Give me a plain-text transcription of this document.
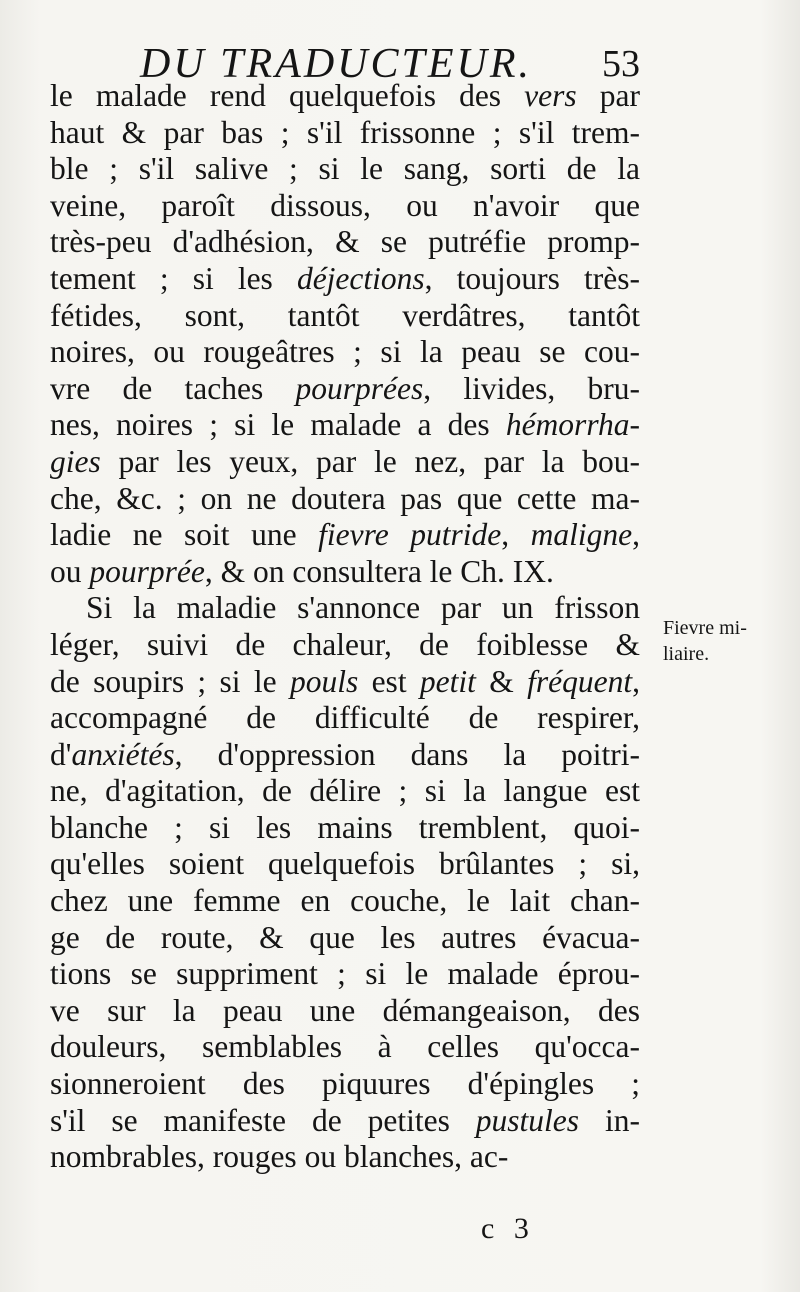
DU TRADUCTEUR. 53
le malade rend quelquefois des vers par
haut & par bas ; s'il frissonne ; s'il trem-
ble ; s'il salive ; si le sang, sorti de la
veine, paroît dissous, ou n'avoir que
très-peu d'adhésion, & se putréfie promp-
tement ; si les déjections, toujours très-
fétides, sont, tantôt verdâtres, tantôt
noires, ou rougeâtres ; si la peau se cou-
vre de taches pourprées, livides, bru-
nes, noires ; si le malade a des hémorrha-
gies par les yeux, par le nez, par la bou-
che, &c. ; on ne doutera pas que cette ma-
ladie ne soit une fievre putride, maligne,
ou pourprée, & on consultera le Ch. IX.
Si la maladie s'annonce par un frisson
léger, suivi de chaleur, de foiblesse &
de soupirs ; si le pouls est petit & fréquent,
accompagné de difficulté de respirer,
d'anxiétés, d'oppression dans la poitri-
ne, d'agitation, de délire ; si la langue est
blanche ; si les mains tremblent, quoi-
qu'elles soient quelquefois brûlantes ; si,
chez une femme en couche, le lait chan-
ge de route, & que les autres évacua-
tions se suppriment ; si le malade éprou-
ve sur la peau une démangeaison, des
douleurs, semblables à celles qu'occa-
sionneroient des piquures d'épingles ;
s'il se manifeste de petites pustules in-
nombrables, rouges ou blanches, ac-
Fievre mi-
liaire.
c 3
